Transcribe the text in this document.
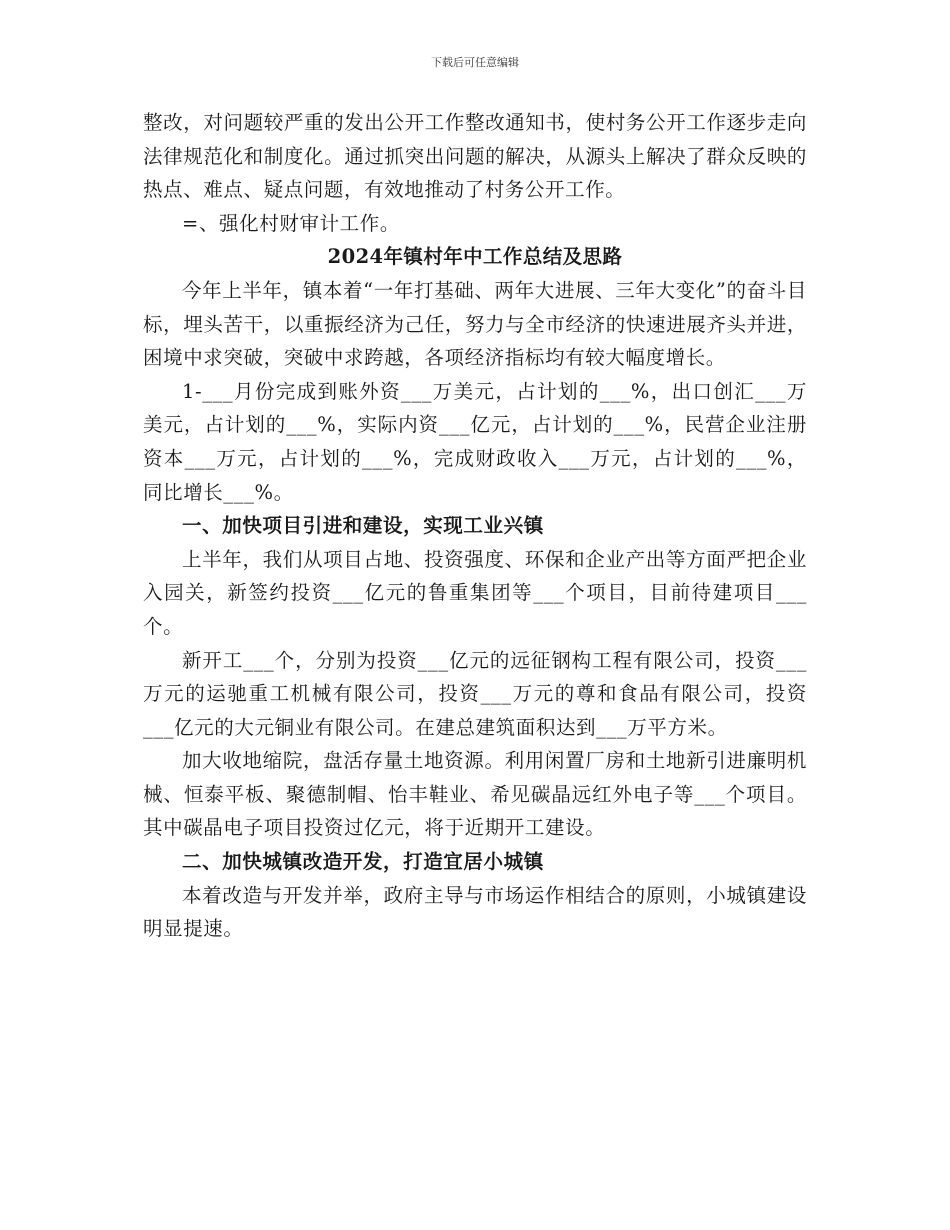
下载后可任意编辑

整改，对问题较严重的发出公开工作整改通知书，使村务公开工作逐步走向法律规范化和制度化。通过抓突出问题的解决，从源头上解决了群众反映的热点、难点、疑点问题，有效地推动了村务公开工作。

=、强化村财审计工作。

2024年镇村年中工作总结及思路

今年上半年，镇本着“一年打基础、两年大进展、三年大变化”的奋斗目标，埋头苦干，以重振经济为己任，努力与全市经济的快速进展齐头并进，困境中求突破，突破中求跨越，各项经济指标均有较大幅度增长。

1-___月份完成到账外资___万美元，占计划的___%，出口创汇___万美元，占计划的___%，实际内资___亿元，占计划的___%，民营企业注册资本___万元，占计划的___%，完成财政收入___万元，占计划的___%，同比增长___%。

一、加快项目引进和建设，实现工业兴镇

上半年，我们从项目占地、投资强度、环保和企业产出等方面严把企业入园关，新签约投资___亿元的鲁重集团等___个项目，目前待建项目___个。

新开工___个，分别为投资___亿元的远征钢构工程有限公司，投资___万元的运驰重工机械有限公司，投资___万元的尊和食品有限公司，投资___亿元的大元铜业有限公司。在建总建筑面积达到___万平方米。

加大收地缩院，盘活存量土地资源。利用闲置厂房和土地新引进廉明机械、恒泰平板、聚德制帽、怡丰鞋业、希见碳晶远红外电子等___个项目。其中碳晶电子项目投资过亿元，将于近期开工建设。

二、加快城镇改造开发，打造宜居小城镇

本着改造与开发并举，政府主导与市场运作相结合的原则，小城镇建设明显提速。
